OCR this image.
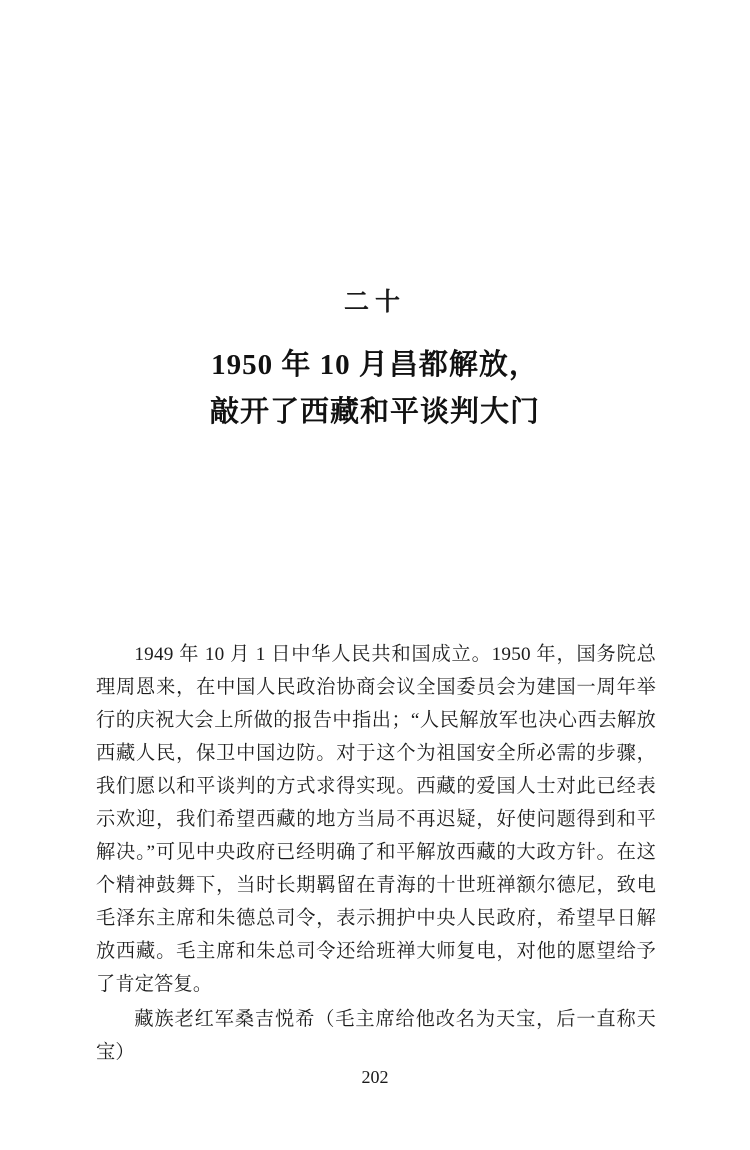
二十
1950 年 10 月昌都解放，
敲开了西藏和平谈判大门

1949 年 10 月 1 日中华人民共和国成立。1950 年，国务院总理周恩来，在中国人民政治协商会议全国委员会为建国一周年举行的庆祝大会上所做的报告中指出；“人民解放军也决心西去解放西藏人民，保卫中国边防。对于这个为祖国安全所必需的步骤，我们愿以和平谈判的方式求得实现。西藏的爱国人士对此已经表示欢迎，我们希望西藏的地方当局不再迟疑，好使问题得到和平解决。”可见中央政府已经明确了和平解放西藏的大政方针。在这个精神鼓舞下，当时长期羁留在青海的十世班禅额尔德尼，致电毛泽东主席和朱德总司令，表示拥护中央人民政府，希望早日解放西藏。毛主席和朱总司令还给班禅大师复电，对他的愿望给予了肯定答复。

藏族老红军桑吉悦希（毛主席给他改名为天宝，后一直称天宝）

202
